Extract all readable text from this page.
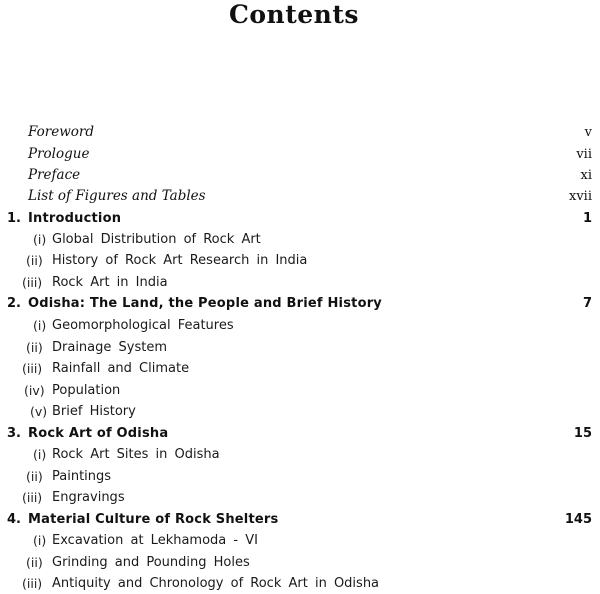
Contents
Foreword	v
Prologue	vii
Preface	xi
List of Figures and Tables	xvii
1. Introduction	1
(i) Global Distribution of Rock Art
(ii) History of Rock Art Research in India
(iii) Rock Art in India
2. Odisha: The Land, the People and Brief History	7
(i) Geomorphological Features
(ii) Drainage System
(iii) Rainfall and Climate
(iv) Population
(v) Brief History
3. Rock Art of Odisha	15
(i) Rock Art Sites in Odisha
(ii) Paintings
(iii) Engravings
4. Material Culture of Rock Shelters	145
(i) Excavation at Lekhamoda - VI
(ii) Grinding and Pounding Holes
(iii) Antiquity and Chronology of Rock Art in Odisha
